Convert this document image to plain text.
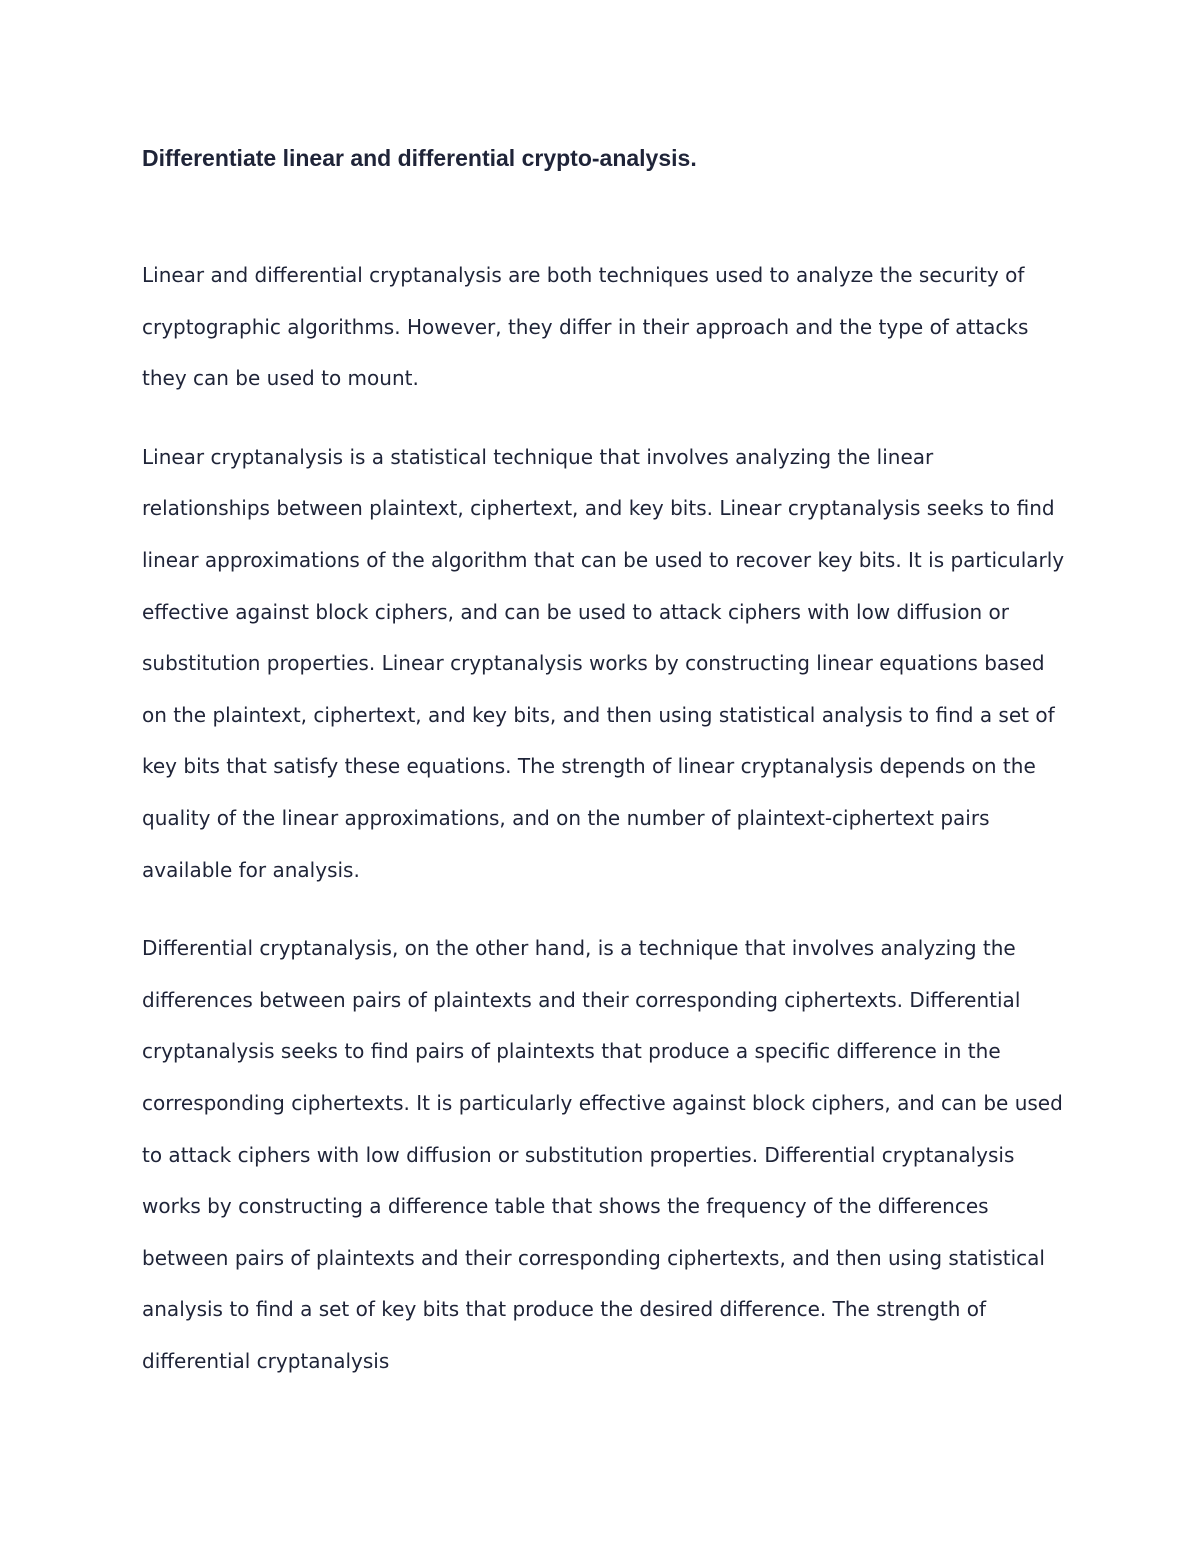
Differentiate linear and differential crypto-analysis.

Linear and differential cryptanalysis are both techniques used to analyze the security of cryptographic algorithms. However, they differ in their approach and the type of attacks they can be used to mount.

Linear cryptanalysis is a statistical technique that involves analyzing the linear relationships between plaintext, ciphertext, and key bits. Linear cryptanalysis seeks to find linear approximations of the algorithm that can be used to recover key bits. It is particularly effective against block ciphers, and can be used to attack ciphers with low diffusion or substitution properties. Linear cryptanalysis works by constructing linear equations based on the plaintext, ciphertext, and key bits, and then using statistical analysis to find a set of key bits that satisfy these equations. The strength of linear cryptanalysis depends on the quality of the linear approximations, and on the number of plaintext-ciphertext pairs available for analysis.

Differential cryptanalysis, on the other hand, is a technique that involves analyzing the differences between pairs of plaintexts and their corresponding ciphertexts. Differential cryptanalysis seeks to find pairs of plaintexts that produce a specific difference in the corresponding ciphertexts. It is particularly effective against block ciphers, and can be used to attack ciphers with low diffusion or substitution properties. Differential cryptanalysis works by constructing a difference table that shows the frequency of the differences between pairs of plaintexts and their corresponding ciphertexts, and then using statistical analysis to find a set of key bits that produce the desired difference. The strength of differential cryptanalysis
